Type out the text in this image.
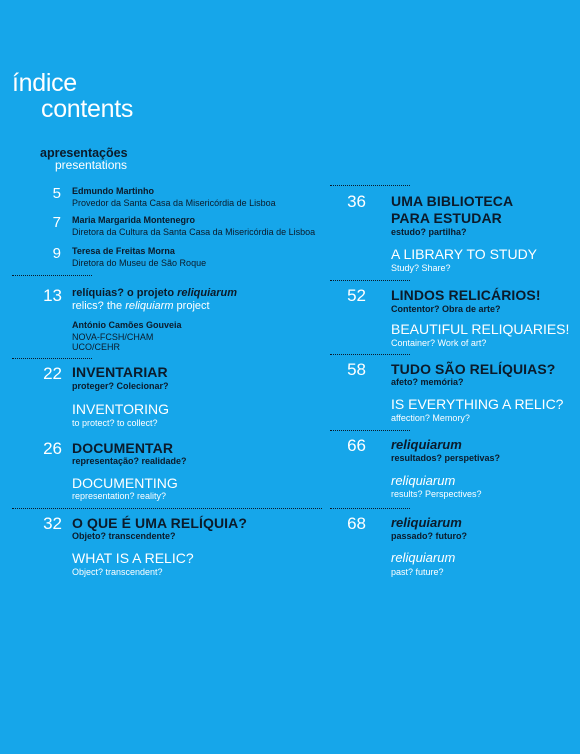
índice
contents
apresentações
presentations
5 Edmundo Martinho
Provedor da Santa Casa da Misericórdia de Lisboa
7 Maria Margarida Montenegro
Diretora da Cultura da Santa Casa da Misericórdia de Lisboa
9 Teresa de Freitas Morna
Diretora do Museu de São Roque
13 relíquias? o projeto reliquiarum
relics? the reliquiarm project
António Camões Gouveia
NOVA-FCSH/CHAM
UCO/CEHR
22 INVENTARIAR
proteger? Colecionar?
INVENTORING
to protect? to collect?
26 DOCUMENTAR
representação? realidade?
DOCUMENTING
representation? reality?
32 O QUE É UMA RELÍQUIA?
Objeto? transcendente?
WHAT IS A RELIC?
Object? transcendent?
36 UMA BIBLIOTECA
PARA ESTUDAR
estudo? partilha?
A LIBRARY TO STUDY
Study? Share?
52 LINDOS RELICÁRIOS!
Contentor? Obra de arte?
BEAUTIFUL RELIQUARIES!
Container? Work of art?
58 TUDO SÃO RELÍQUIAS?
afeto? memória?
IS EVERYTHING A RELIC?
affection? Memory?
66 reliquiarum
resultados? perspetivas?
reliquiarum
results? Perspectives?
68 reliquiarum
passado? futuro?
reliquiarum
past? future?
